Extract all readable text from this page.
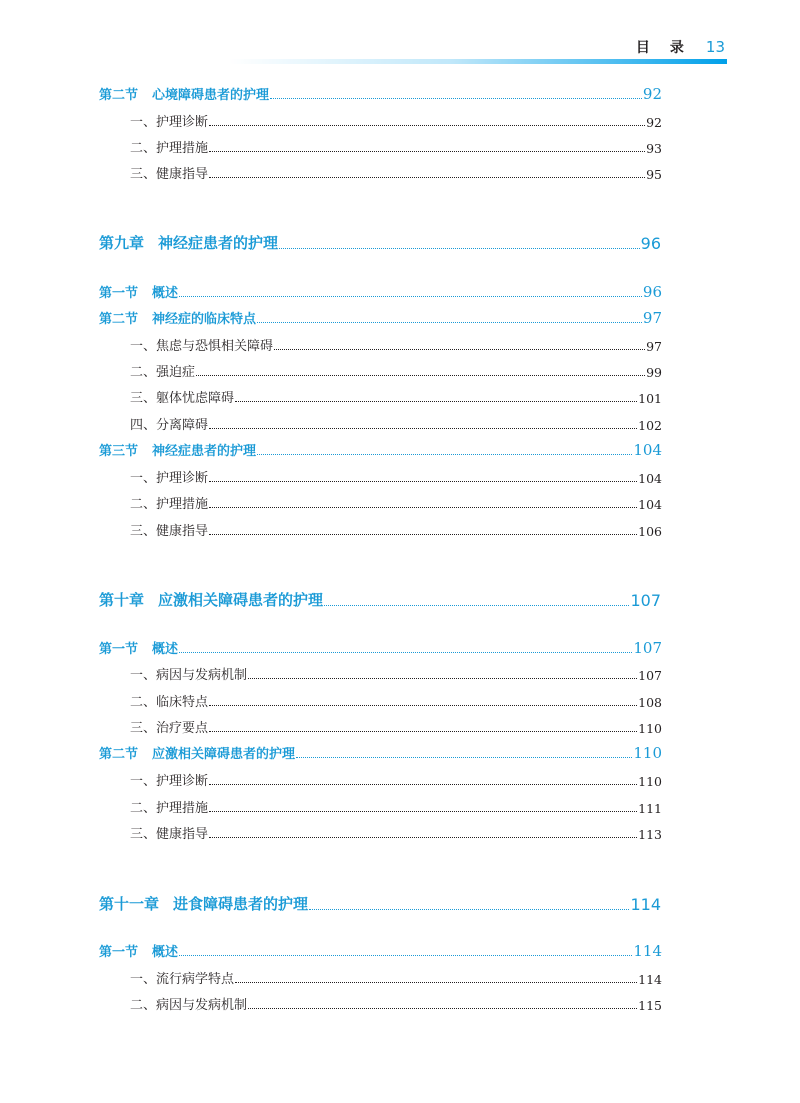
目录 13
第二节 心境障碍患者的护理	92
一、护理诊断	92
二、护理措施	93
三、健康指导	95
第九章 神经症患者的护理	96
第一节 概述	96
第二节 神经症的临床特点	97
一、焦虑与恐惧相关障碍	97
二、强迫症	99
三、躯体忧虑障碍	101
四、分离障碍	102
第三节 神经症患者的护理	104
一、护理诊断	104
二、护理措施	104
三、健康指导	106
第十章 应激相关障碍患者的护理	107
第一节 概述	107
一、病因与发病机制	107
二、临床特点	108
三、治疗要点	110
第二节 应激相关障碍患者的护理	110
一、护理诊断	110
二、护理措施	111
三、健康指导	113
第十一章 进食障碍患者的护理	114
第一节 概述	114
一、流行病学特点	114
二、病因与发病机制	115
